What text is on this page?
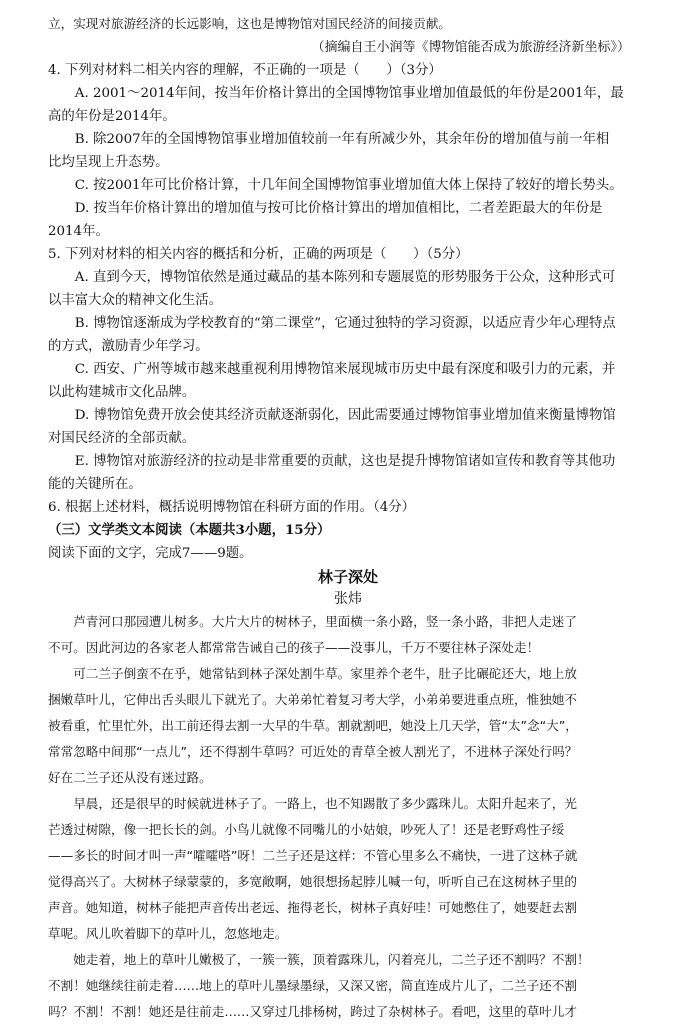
立，实现对旅游经济的长远影响，这也是博物馆对国民经济的间接贡献。

（摘编自王小润等《博物馆能否成为旅游经济新坐标》）

4. 下列对材料二相关内容的理解，不正确的一项是（　　）（3分）

A. 2001～2014年间，按当年价格计算出的全国博物馆事业增加值最低的年份是2001年，最

高的年份是2014年。

B. 除2007年的全国博物馆事业增加值较前一年有所减少外，其余年份的增加值与前一年相

比均呈现上升态势。

C. 按2001年可比价格计算，十几年间全国博物馆事业增加值大体上保持了较好的增长势头。

D. 按当年价格计算出的增加值与按可比价格计算出的增加值相比，二者差距最大的年份是

2014年。

5. 下列对材料的相关内容的概括和分析，正确的两项是（　　）（5分）

A. 直到今天，博物馆依然是通过藏品的基本陈列和专题展览的形势服务于公众，这种形式可

以丰富大众的精神文化生活。

B. 博物馆逐渐成为学校教育的“第二课堂”，它通过独特的学习资源，以适应青少年心理特点

的方式，激励青少年学习。

C. 西安、广州等城市越来越重视利用博物馆来展现城市历史中最有深度和吸引力的元素，并

以此构建城市文化品牌。

D. 博物馆免费开放会使其经济贡献逐渐弱化，因此需要通过博物馆事业增加值来衡量博物馆

对国民经济的全部贡献。

E. 博物馆对旅游经济的拉动是非常重要的贡献，这也是提升博物馆诸如宣传和教育等其他功

能的关键所在。

6. 根据上述材料，概括说明博物馆在科研方面的作用。（4分）

（三）文学类文本阅读（本题共3小题，15分）

阅读下面的文字，完成7——9题。

林子深处
张炜

芦青河口那园遭儿树多。大片大片的树林子，里面横一条小路，竖一条小路，非把人走迷了

不可。因此河边的各家老人都常常告诫自己的孩子——没事儿，千万不要往林子深处走！

可二兰子倒蛮不在乎，她常钻到林子深处割牛草。家里养个老牛，肚子比碾砣还大，地上放

捆嫩草叶儿，它伸出舌头眼儿下就光了。大弟弟忙着复习考大学，小弟弟要进重点班，惟独她不

被看重，忙里忙外，出工前还得去割一大早的牛草。割就割吧，她没上几天学，管“太”念“大”，

常常忽略中间那“一点儿”，还不得割牛草吗？可近处的青草全被人割光了，不进林子深处行吗？

好在二兰子还从没有迷过路。

早晨，还是很早的时候就进林子了。一路上，也不知踢散了多少露珠儿。太阳升起来了，光

芒透过树隙，像一把长长的剑。小鸟儿就像不同嘴儿的小姑娘，吵死人了！还是老野鸡性子绥

——多长的时间才叫一声“嚯嚯嗒”呀！二兰子还是这样：不管心里多么不痛快，一进了这林子就

觉得高兴了。大树林子绿蒙蒙的，多宽敞啊，她很想扬起脖儿喊一句，听听自己在这树林子里的

声音。她知道，树林子能把声音传出老远、拖得老长，树林子真好哇！可她憋住了，她要赶去割

草呢。风儿吹着脚下的草叶儿，忽悠地走。

她走着，地上的草叶儿嫩极了，一簇一簇，顶着露珠儿，闪着亮儿，二兰子还不割吗？不割！

不割！她继续往前走着……地上的草叶儿墨绿墨绿，又深又密，简直连成片儿了，二兰子还不割

吗？不割！不割！她还是往前走……又穿过几排杨树，跨过了杂树林子。看吧，这里的草叶儿才
